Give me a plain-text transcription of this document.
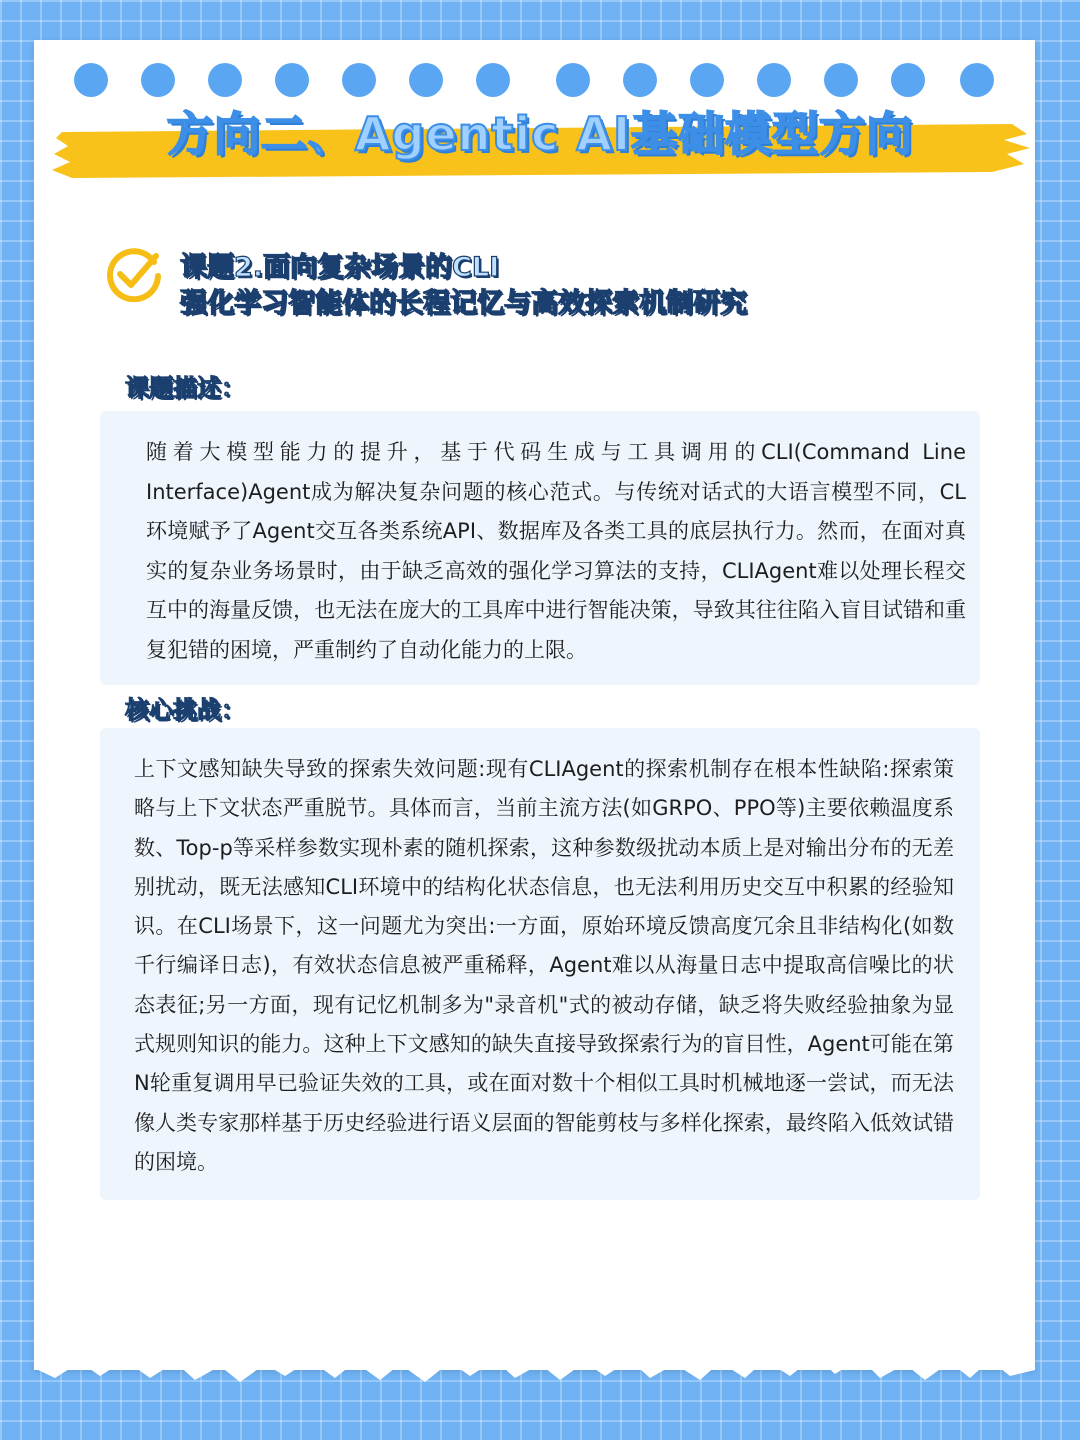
方向二、Agentic AI基础模型方向
课题2.面向复杂场景的CLI
强化学习智能体的长程记忆与高效探索机制研究
课题描述：
随着大模型能力的提升，基于代码生成与工具调用的CLI(Command Line Interface)Agent成为解决复杂问题的核心范式。与传统对话式的大语言模型不同，CL环境赋予了Agent交互各类系统API、数据库及各类工具的底层执行力。然而，在面对真实的复杂业务场景时，由于缺乏高效的强化学习算法的支持，CLIAgent难以处理长程交互中的海量反馈，也无法在庞大的工具库中进行智能决策，导致其往往陷入盲目试错和重复犯错的困境，严重制约了自动化能力的上限。
核心挑战：
上下文感知缺失导致的探索失效问题:现有CLIAgent的探索机制存在根本性缺陷:探索策略与上下文状态严重脱节。具体而言，当前主流方法(如GRPO、PPO等)主要依赖温度系数、Top-p等采样参数实现朴素的随机探索，这种参数级扰动本质上是对输出分布的无差别扰动，既无法感知CLI环境中的结构化状态信息，也无法利用历史交互中积累的经验知识。在CLI场景下，这一问题尤为突出:一方面，原始环境反馈高度冗余且非结构化(如数千行编译日志)，有效状态信息被严重稀释，Agent难以从海量日志中提取高信噪比的状态表征;另一方面，现有记忆机制多为"录音机"式的被动存储，缺乏将失败经验抽象为显式规则知识的能力。这种上下文感知的缺失直接导致探索行为的盲目性，Agent可能在第N轮重复调用早已验证失效的工具，或在面对数十个相似工具时机械地逐一尝试，而无法像人类专家那样基于历史经验进行语义层面的智能剪枝与多样化探索，最终陷入低效试错的困境。
